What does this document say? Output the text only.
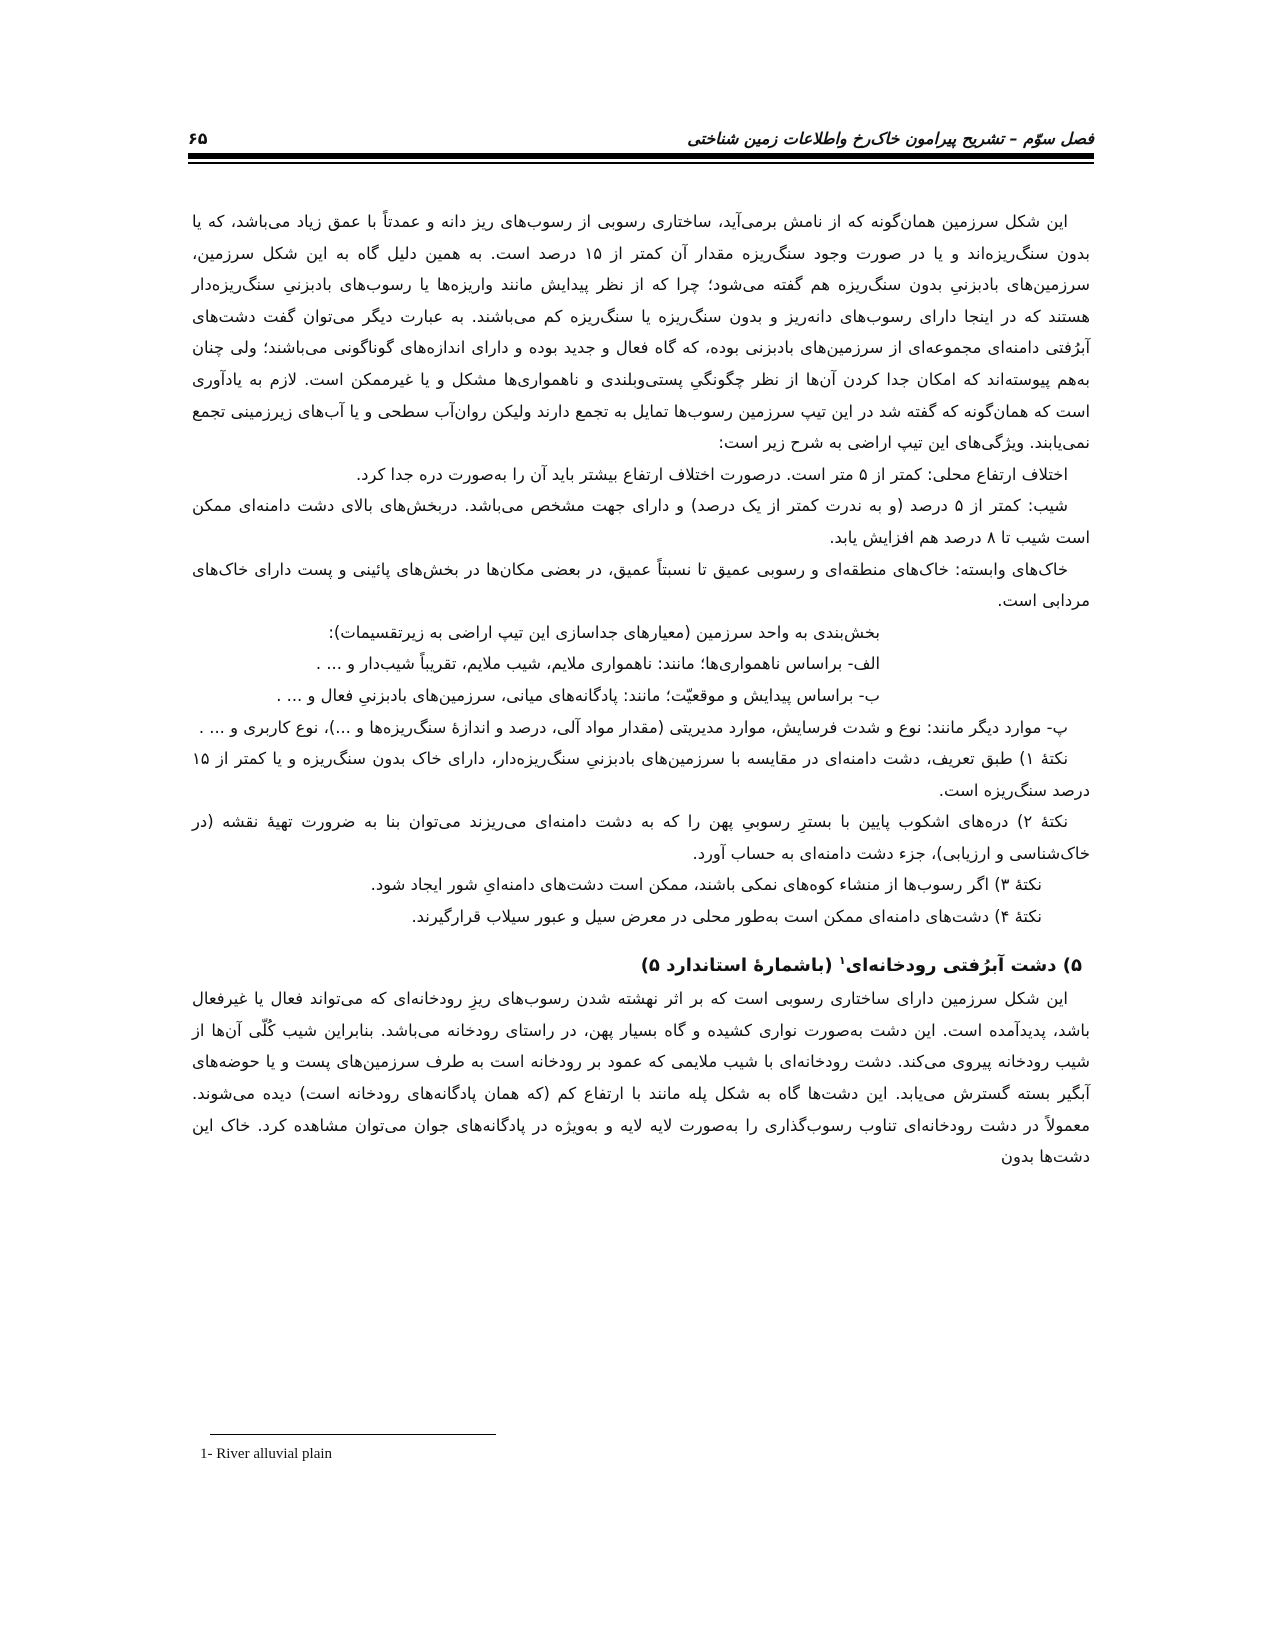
فصل سوّم – تشریح پیرامون خاک‌رخ واطلاعات زمین شناختی
۶۵

این شکل سرزمین همان‌گونه که از نامش برمی‌آید، ساختاری رسوبی از رسوب‌های ریز دانه و عمدتاً با عمق زیاد می‌باشد، که یا بدون سنگ‌ریزه‌اند و یا در صورت وجود سنگ‌ریزه مقدار آن کمتر از ۱۵ درصد است. به همین دلیل گاه به این شکل سرزمین، سرزمین‌های بادبزنیِ بدون سنگ‌ریزه هم گفته می‌شود؛ چرا که از نظر پیدایش مانند واریزه‌ها یا رسوب‌های بادبزنیِ سنگ‌ریزه‌دار هستند که در اینجا دارای رسوب‌های دانه‌ریز و بدون سنگ‌ریزه یا سنگ‌ریزه کم می‌باشند. به عبارت دیگر می‌توان گفت دشت‌های آبرُفتی دامنه‌ای مجموعه‌ای از سرزمین‌های بادبزنی بوده، که گاه فعال و جدید بوده و دارای اندازه‌های گوناگونی می‌باشند؛ ولی چنان به‌هم پیوسته‌اند که امکان جدا کردن آن‌ها از نظر چگونگیِ پستی‌وبلندی و ناهمواری‌ها مشکل و یا غیرممکن است. لازم به یادآوری است که همان‌گونه که گفته شد در این تیپ سرزمین رسوب‌ها تمایل به تجمع دارند ولیکن روان‌آب سطحی و یا آب‌های زیرزمینی تجمع نمی‌یابند. ویژگی‌های این تیپ اراضی به شرح زیر است:

اختلاف ارتفاع محلی: کمتر از ۵ متر است. درصورت اختلاف ارتفاع بیشتر باید آن را به‌صورت دره جدا کرد.

شیب: کمتر از ۵ درصد (و به ندرت کمتر از یک درصد) و دارای جهت مشخص می‌باشد. دربخش‌های بالای دشت دامنه‌ای ممکن است شیب تا ۸ درصد هم افزایش یابد.

خاک‌های وابسته: خاک‌های منطقه‌ای و رسوبی عمیق تا نسبتاً عمیق، در بعضی مکان‌ها در بخش‌های پائینی و پست دارای خاک‌های مردابی است.

بخش‌بندی به واحد سرزمین (معیارهای جداسازی این تیپ اراضی به زیرتقسیمات):

الف- براساس ناهمواری‌ها؛ مانند: ناهمواری ملایم، شیب ملایم، تقریباً شیب‌دار و ... .

ب- براساس پیدایش و موقعیّت؛ مانند: پادگانه‌های میانی، سرزمین‌های بادبزنیِ فعال و ... .

پ- موارد دیگر مانند: نوع و شدت فرسایش، موارد مدیریتی (مقدار مواد آلی، درصد و اندازهٔ سنگ‌ریزه‌ها و ...)، نوع کاربری و ... .

نکتهٔ ۱) طبق تعریف، دشت دامنه‌ای در مقایسه با سرزمین‌های بادبزنیِ سنگ‌ریزه‌دار، دارای خاک بدون سنگ‌ریزه و یا کمتر از ۱۵ درصد سنگ‌ریزه است.

نکتهٔ ۲) دره‌های اشکوب پایین با بسترِ رسوبیِ پهن را که به دشت دامنه‌ای می‌ریزند می‌توان بنا به ضرورت تهیهٔ نقشه (در خاک‌شناسی و ارزیابی)، جزء دشت دامنه‌ای به حساب آورد.

نکتهٔ ۳) اگر رسوب‌ها از منشاء کوه‌های نمکی باشند، ممکن است دشت‌های دامنه‌ایِ شور ایجاد شود.

نکتهٔ ۴) دشت‌های دامنه‌ای ممکن است به‌طور محلی در معرض سیل و عبور سیلاب قرارگیرند.

۵) دشت آبرُفتی رودخانه‌ای$^۱$ (باشمارهٔ استاندارد ۵)

این شکل سرزمین دارای ساختاری رسوبی است که بر اثر نهشته شدن رسوب‌های ریزِ رودخانه‌ای که می‌تواند فعال یا غیرفعال باشد، پدیدآمده است. این دشت به‌صورت نواری کشیده و گاه بسیار پهن، در راستای رودخانه می‌باشد. بنابراین شیب کُلّی آن‌ها از شیب رودخانه پیروی می‌کند. دشت رودخانه‌ای با شیب ملایمی که عمود بر رودخانه است به طرف سرزمین‌های پست و یا حوضه‌های آبگیر بسته گسترش می‌یابد. این دشت‌ها گاه به شکل پله مانند با ارتفاع کم (که همان پادگانه‌های رودخانه است) دیده می‌شوند. معمولاً در دشت رودخانه‌ای تناوب رسوب‌گذاری را به‌صورت لایه لایه و به‌ویژه در پادگانه‌های جوان می‌توان مشاهده کرد. خاک این دشت‌ها بدون

1- River alluvial plain
